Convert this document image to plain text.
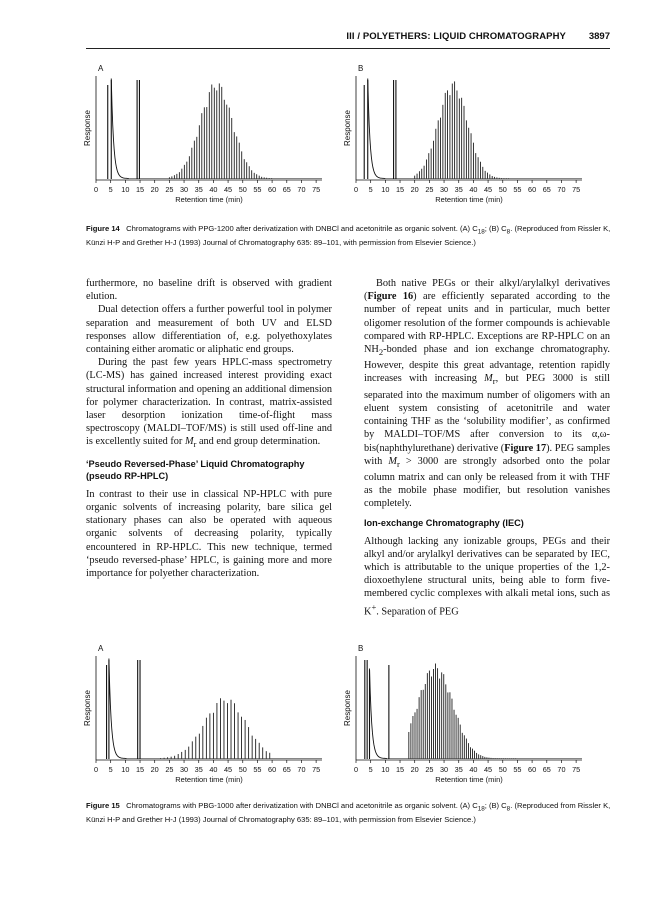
III / POLYETHERS: LIQUID CHROMATOGRAPHY 3897
A
Response
0 5 10 15 20 25 30 35 40 45 50 55 60 65 70 75
Retention time (min)
B
Response
0 5 10 15 20 25 30 35 40 45 50 55 60 65 70 75
Retention time (min)
Figure 14 Chromatograms with PPG-1200 after derivatization with DNBCl and acetonitrile as organic solvent. (A) $C_{18}$; (B) $C_8$. (Reproduced from Rissler K, Künzi H-P and Grether H-J (1993) Journal of Chromatography 635: 89–101, with permission from Elsevier Science.)

furthermore, no baseline drift is observed with gradient elution.

Dual detection offers a further powerful tool in polymer separation and measurement of both UV and ELSD responses allow differentiation of, e.g. polyethoxylates containing either aromatic or aliphatic end groups.

During the past few years HPLC-mass spectrometry (LC-MS) has gained increased interest providing exact structural information and opening an additional dimension for polymer characterization. In contrast, matrix-assisted laser desorption ionization time-of-flight mass spectroscopy (MALDI–TOF/MS) is still used off-line and is excellently suited for $M_r$ and end group determination.

‘Pseudo Reversed-Phase’ Liquid Chromatography (pseudo RP-HPLC)

In contrast to their use in classical NP-HPLC with pure organic solvents of increasing polarity, bare silica gel stationary phases can also be operated with aqueous organic solvents of decreasing polarity, typically encountered in RP-HPLC. This new technique, termed ‘pseudo reversed-phase’ HPLC, is gaining more and more importance for polyether characterization.

Both native PEGs or their alkyl/arylalkyl derivatives (Figure 16) are efficiently separated according to the number of repeat units and in particular, much better oligomer resolution of the former compounds is achievable compared with RP-HPLC. Exceptions are RP-HPLC on an $NH_2$-bonded phase and ion exchange chromatography. However, despite this great advantage, retention rapidly increases with increasing $M_r$, but PEG 3000 is still separated into the maximum number of oligomers with an eluent system consisting of acetonitrile and water containing THF as the ‘solubility modifier’, as confirmed by MALDI–TOF/MS after conversion to its α,ω-bis(naphthylurethane) derivative (Figure 17). PEG samples with $M_r > 3000$ are strongly adsorbed onto the polar column matrix and can only be released from it with THF as the mobile phase modifier, but resolution vanishes completely.

Ion-exchange Chromatography (IEC)

Although lacking any ionizable groups, PEGs and their alkyl and/or arylalkyl derivatives can be separated by IEC, which is attributable to the unique properties of the 1,2-dioxoethylene structural units, being able to form five-membered cyclic complexes with alkali metal ions, such as K+. Separation of PEG

A
Response
0 5 10 15 20 25 30 35 40 45 50 55 60 65 70 75
Retention time (min)
B
Response
0 5 10 15 20 25 30 35 40 45 50 55 60 65 70 75
Retention time (min)
Figure 15 Chromatograms with PBG-1000 after derivatization with DNBCl and acetonitrile as organic solvent. (A) $C_{18}$; (B) $C_8$. (Reproduced from Rissler K, Künzi H-P and Grether H-J (1993) Journal of Chromatography 635: 89–101, with permission from Elsevier Science.)
